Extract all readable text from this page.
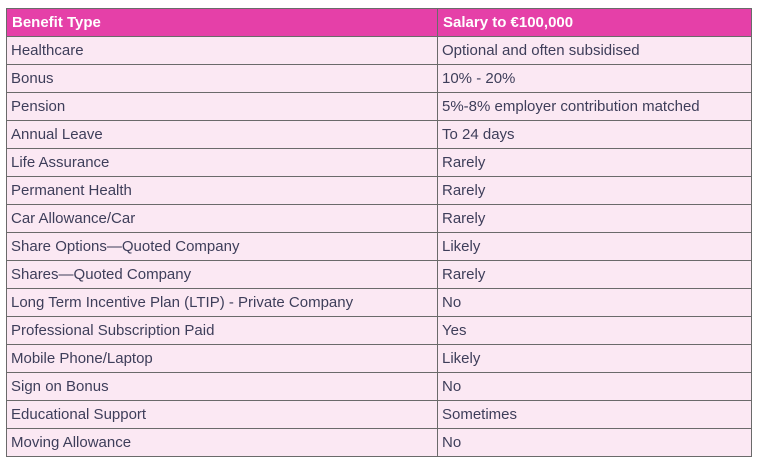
Benefit Type	Salary to €100,000
Healthcare	Optional and often subsidised
Bonus	10% - 20%
Pension	5%-8% employer contribution matched
Annual Leave	To 24 days
Life Assurance	Rarely
Permanent Health	Rarely
Car Allowance/Car	Rarely
Share Options—Quoted Company	Likely
Shares—Quoted Company	Rarely
Long Term Incentive Plan (LTIP) - Private Company	No
Professional Subscription Paid	Yes
Mobile Phone/Laptop	Likely
Sign on Bonus	No
Educational Support	Sometimes
Moving Allowance	No
